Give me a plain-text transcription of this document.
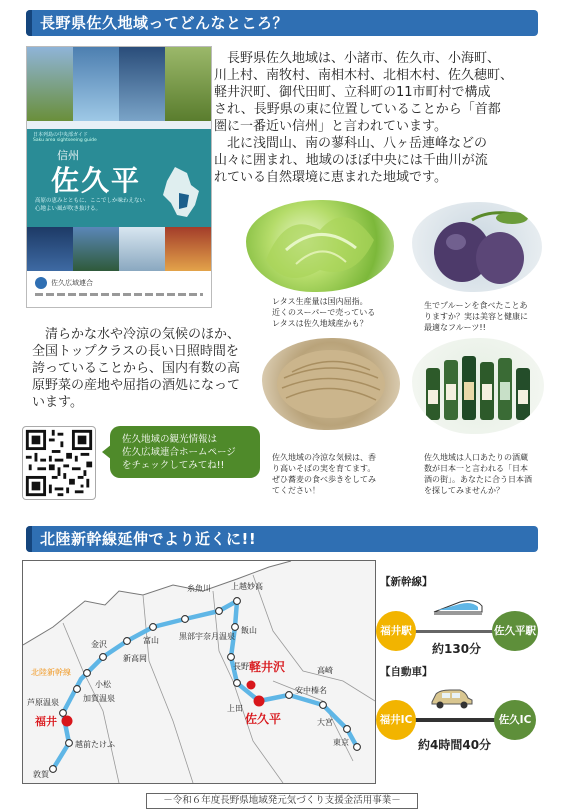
長野県佐久地域ってどんなところ？
日本列島の中央部ガイド
Saku area sightseeing guide
信州
佐久平
高原の恵みとともに、ここでしか味わえない心地よい風が吹き抜ける。
佐久広域連合
長野県佐久地域は、小諸市、佐久市、小海町、
川上村、南牧村、南相木村、北相木村、佐久穂町、
軽井沢町、御代田町、立科町の11市町村で構成
され、長野県の東に位置していることから「首都
圏に一番近い信州」と言われています。
北に浅間山、南の蓼科山、八ヶ岳連峰などの
山々に囲まれ、地域のほぼ中央には千曲川が流
れている自然環境に恵まれた地域です。
レタス生産量は国内屈指。
近くのスーパーで売っている
レタスは佐久地域産かも？
生でプルーンを食べたことあ
りますか？実は美容と健康に
最適なフルーツ!!
清らかな水や冷涼の気候のほか、
全国トップクラスの長い日照時間を
誇っていることから、国内有数の高
原野菜の産地や屈指の酒処になって
います。
佐久地域の冷涼な気候は、香
り高いそばの実を育てます。
ぜひ蕎麦の食べ歩きをしてみ
てください！
佐久地域は人口あたりの酒蔵
数が日本一と言われる「日本
酒の街」。あなたに合う日本酒
を探してみませんか？
佐久地域の観光情報は
佐久広域連合ホームページ
をチェックしてみてね!!
北陸新幹線延伸でより近くに!!
北陸新幹線
敦賀
越前たけふ
芦原温泉	加賀温泉
小松
金沢
新高岡
富山	黒部宇奈月温泉
糸魚川	上越妙高
飯山
長野
上田
安中榛名
高崎
大宮
東京
福井
軽井沢
佐久平
【新幹線】
福井駅	佐久平駅
約130分
【自動車】
福井IC	佐久IC
約4時間40分
－令和６年度長野県地域発元気づくり支援金活用事業－
